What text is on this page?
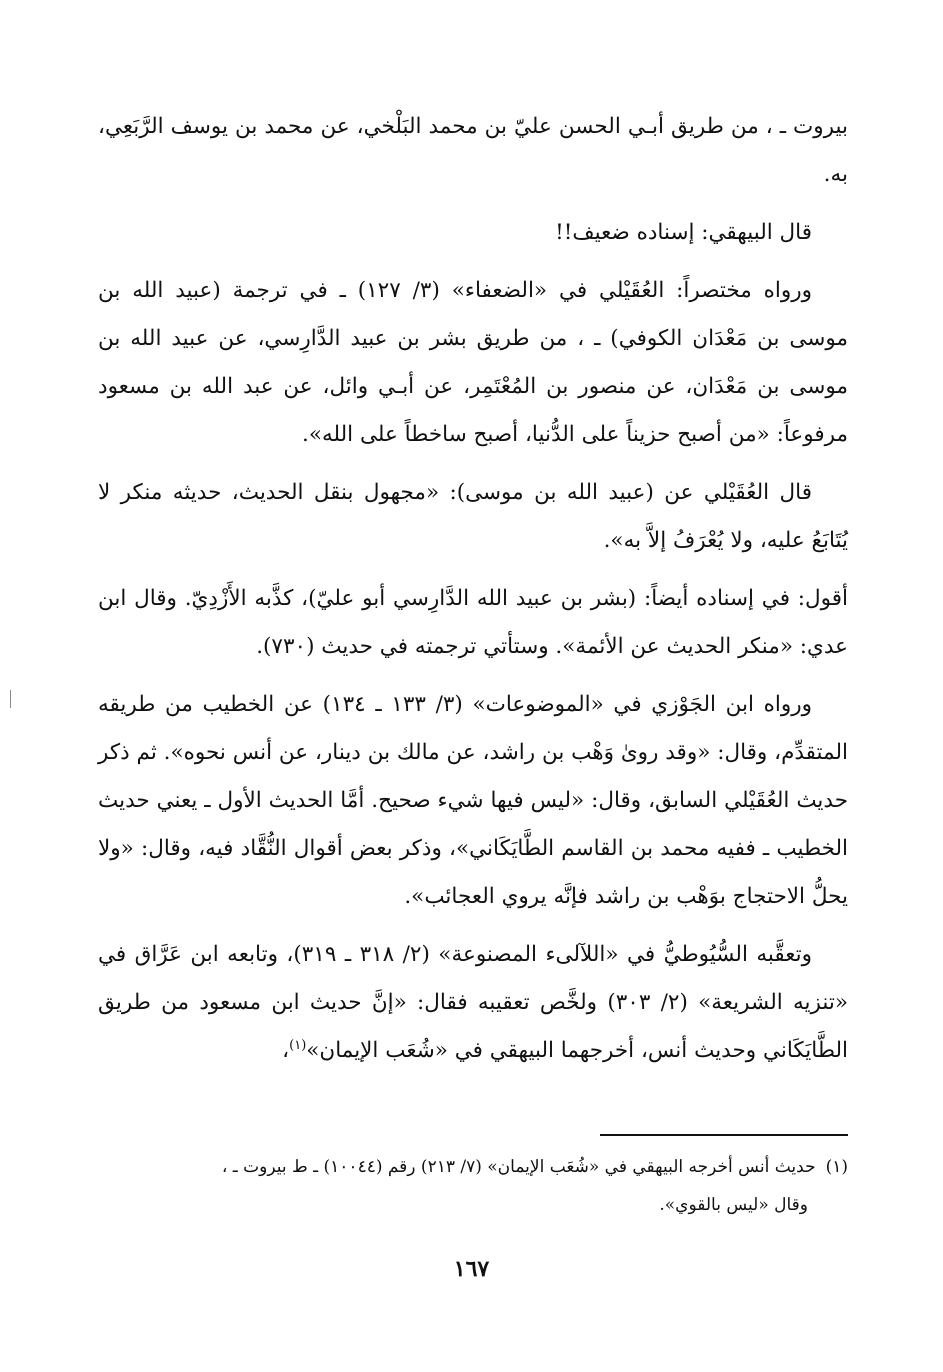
بيروت ـ ، من طريق أبـي الحسن عليّ بن محمد البَلْخي، عن محمد بن يوسف الرَّبَعِي، به.

قال البيهقي: إسناده ضعيف!!

ورواه مختصراً: العُقَيْلي في «الضعفاء» (٣/ ١٢٧) ـ في ترجمة (عبيد الله بن موسى بن مَعْدَان الكوفي) ـ ، من طريق بشر بن عبيد الدَّارِسي، عن عبيد الله بن موسى بن مَعْدَان، عن منصور بن المُعْتَمِر، عن أبـي وائل، عن عبد الله بن مسعود مرفوعاً: «من أصبح حزيناً على الدُّنيا، أصبح ساخطاً على الله».

قال العُقَيْلي عن (عبيد الله بن موسى): «مجهول بنقل الحديث، حديثه منكر لا يُتَابَعُ عليه، ولا يُعْرَفُ إلاَّ به».

أقول: في إسناده أيضاً: (بشر بن عبيد الله الدَّارِسي أبو عليّ)، كذَّبه الأَزْدِيّ. وقال ابن عدي: «منكر الحديث عن الأئمة». وستأتي ترجمته في حديث (٧٣٠).

ورواه ابن الجَوْزي في «الموضوعات» (٣/ ١٣٣ ـ ١٣٤) عن الخطيب من طريقه المتقدِّم، وقال: «وقد روىٰ وَهْب بن راشد، عن مالك بن دينار، عن أنس نحوه». ثم ذكر حديث العُقَيْلي السابق، وقال: «ليس فيها شيء صحيح. أمَّا الحديث الأول ـ يعني حديث الخطيب ـ ففيه محمد بن القاسم الطَّايَكَاني»، وذكر بعض أقوال النُّقَّاد فيه، وقال: «ولا يحلُّ الاحتجاج بوَهْب بن راشد فإنَّه يروي العجائب».

وتعقَّبه السُّيُوطيُّ في «اللآلىء المصنوعة» (٢/ ٣١٨ ـ ٣١٩)، وتابعه ابن عَرَّاق في «تنزيه الشريعة» (٢/ ٣٠٣) ولخَّص تعقيبه فقال: «إنَّ حديث ابن مسعود من طريق الطَّايَكَاني وحديث أنس، أخرجهما البيهقي في «شُعَب الإيمان»$^{(١)}$،

(١)حديث أنس أخرجه البيهقي في «شُعَب الإيمان» (٧/ ٢١٣) رقم (١٠٠٤٤) ـ ط بيروت ـ ،
وقال «ليس بالقوي».
١٦٧
